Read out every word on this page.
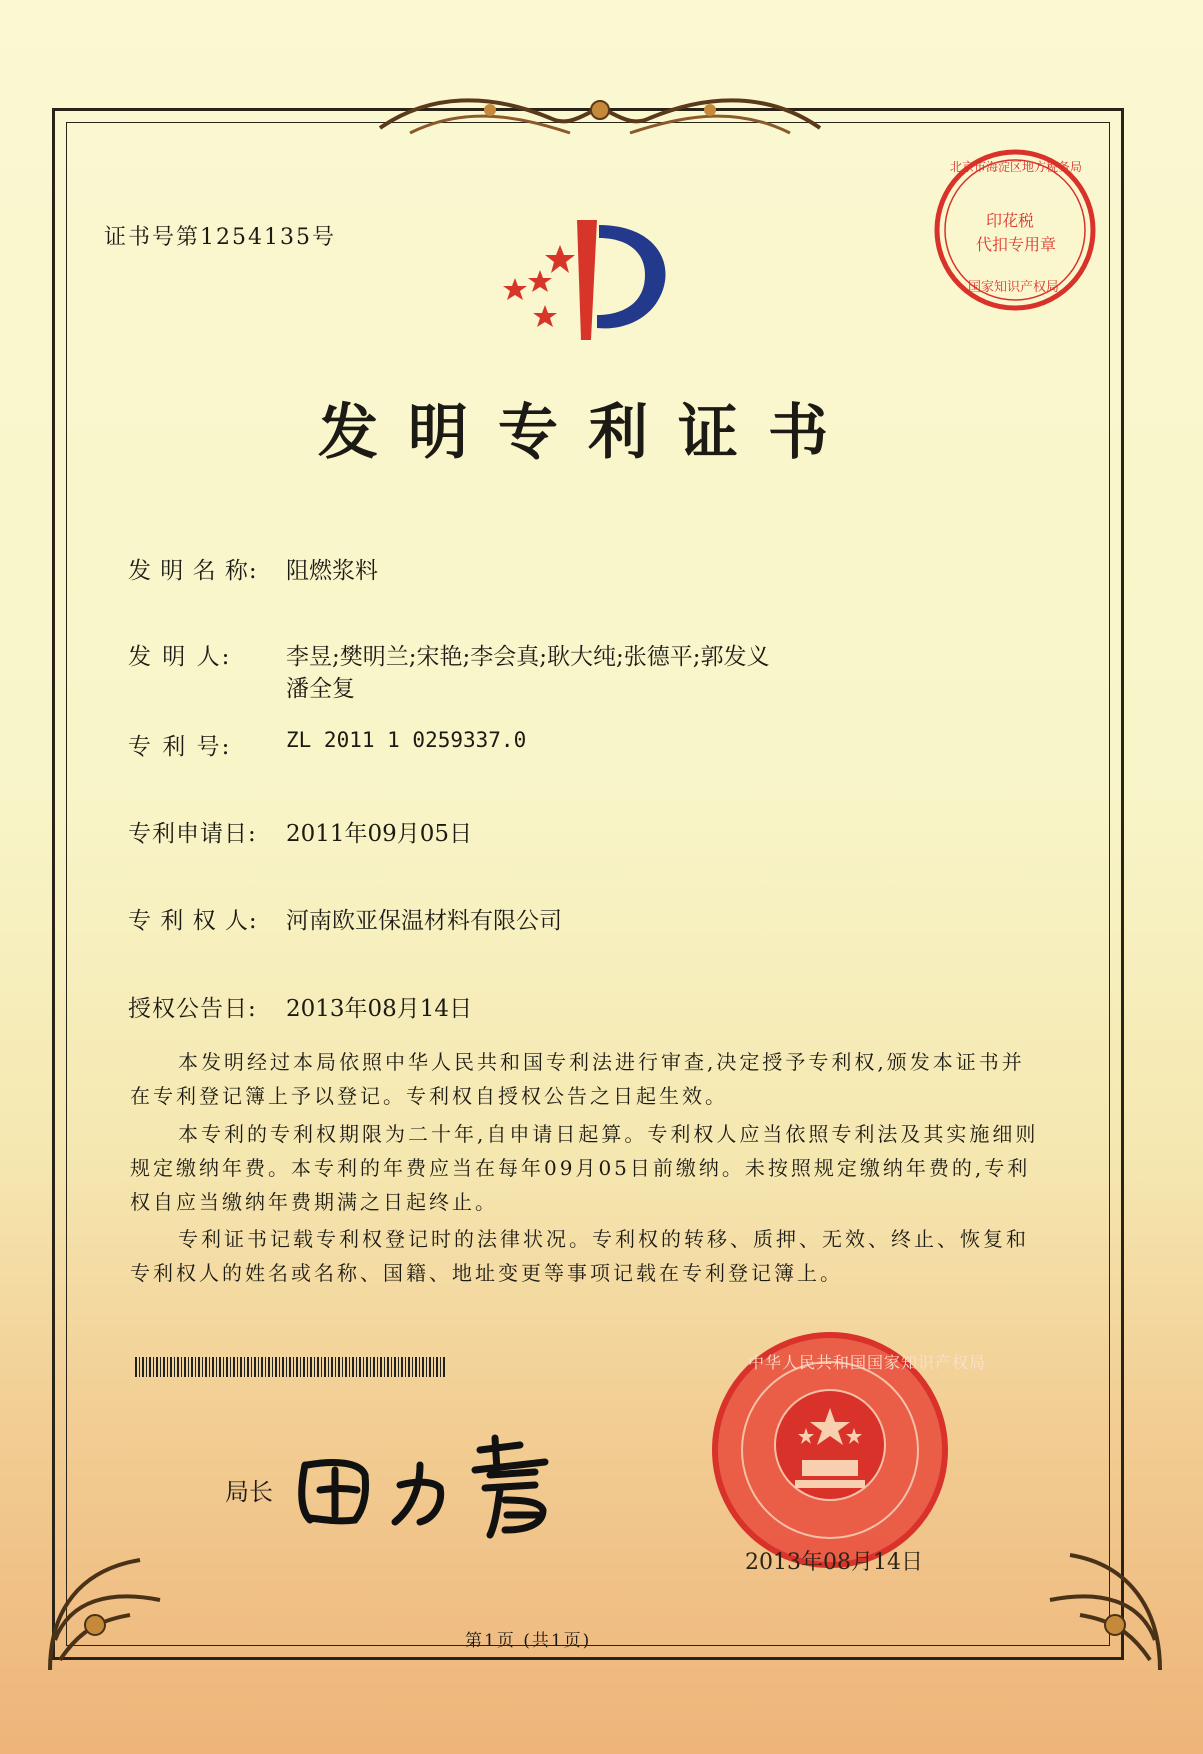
印花税
代扣专用章
北京市海淀区地方税务局
国家知识产权局
证书号第1254135号
发明专利证书
发 明 名 称: 阻燃浆料
发 明 人: 李昱;樊明兰;宋艳;李会真;耿大纯;张德平;郭发义
潘全复
专 利 号:	ZL 2011 1 0259337.0
专利申请日: 2011年09月05日
专 利 权 人: 河南欧亚保温材料有限公司
授权公告日: 2013年08月14日
本发明经过本局依照中华人民共和国专利法进行审查,决定授予专利权,颁发本证书并在专利登记簿上予以登记。专利权自授权公告之日起生效。
本专利的专利权期限为二十年,自申请日起算。专利权人应当依照专利法及其实施细则规定缴纳年费。本专利的年费应当在每年09月05日前缴纳。未按照规定缴纳年费的,专利权自应当缴纳年费期满之日起终止。
专利证书记载专利权登记时的法律状况。专利权的转移、质押、无效、终止、恢复和专利权人的姓名或名称、国籍、地址变更等事项记载在专利登记簿上。
局长
中华人民共和国国家知识产权局
2013年08月14日
第1页 (共1页)
